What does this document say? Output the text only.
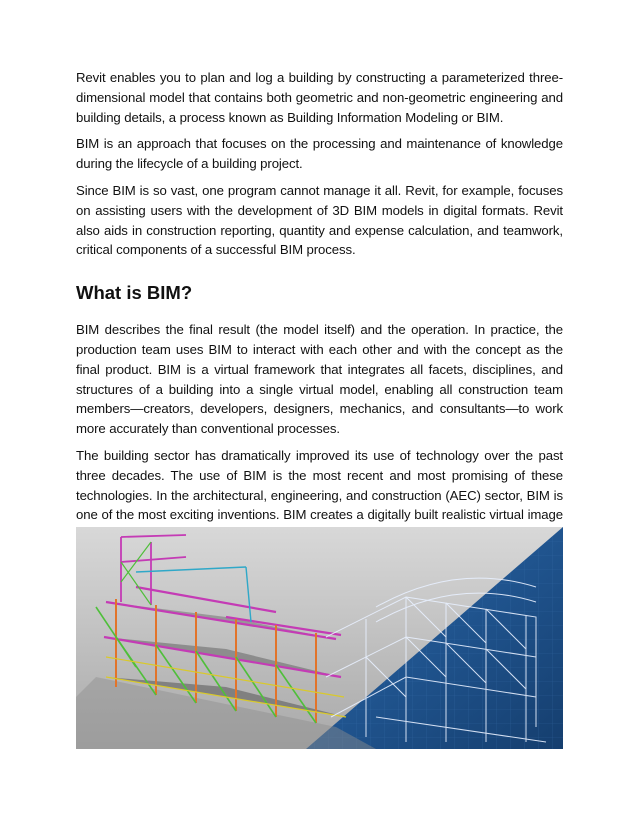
Revit enables you to plan and log a building by constructing a parameterized three-dimensional model that contains both geometric and non-geometric engineering and building details, a process known as Building Information Modeling or BIM.

BIM is an approach that focuses on the processing and maintenance of knowledge during the lifecycle of a building project.

Since BIM is so vast, one program cannot manage it all. Revit, for example, focuses on assisting users with the development of 3D BIM models in digital formats. Revit also aids in construction reporting, quantity and expense calculation, and teamwork, critical components of a successful BIM process.

What is BIM?

BIM describes the final result (the model itself) and the operation. In practice, the production team uses BIM to interact with each other and with the concept as the final product. BIM is a virtual framework that integrates all facets, disciplines, and structures of a building into a single virtual model, enabling all construction team members—creators, developers, designers, mechanics, and consultants—to work more accurately than conventional processes.

The building sector has dramatically improved its use of technology over the past three decades. The use of BIM is the most recent and most promising of these technologies. In the architectural, engineering, and construction (AEC) sector, BIM is one of the most exciting inventions. BIM creates a digitally built realistic virtual image
